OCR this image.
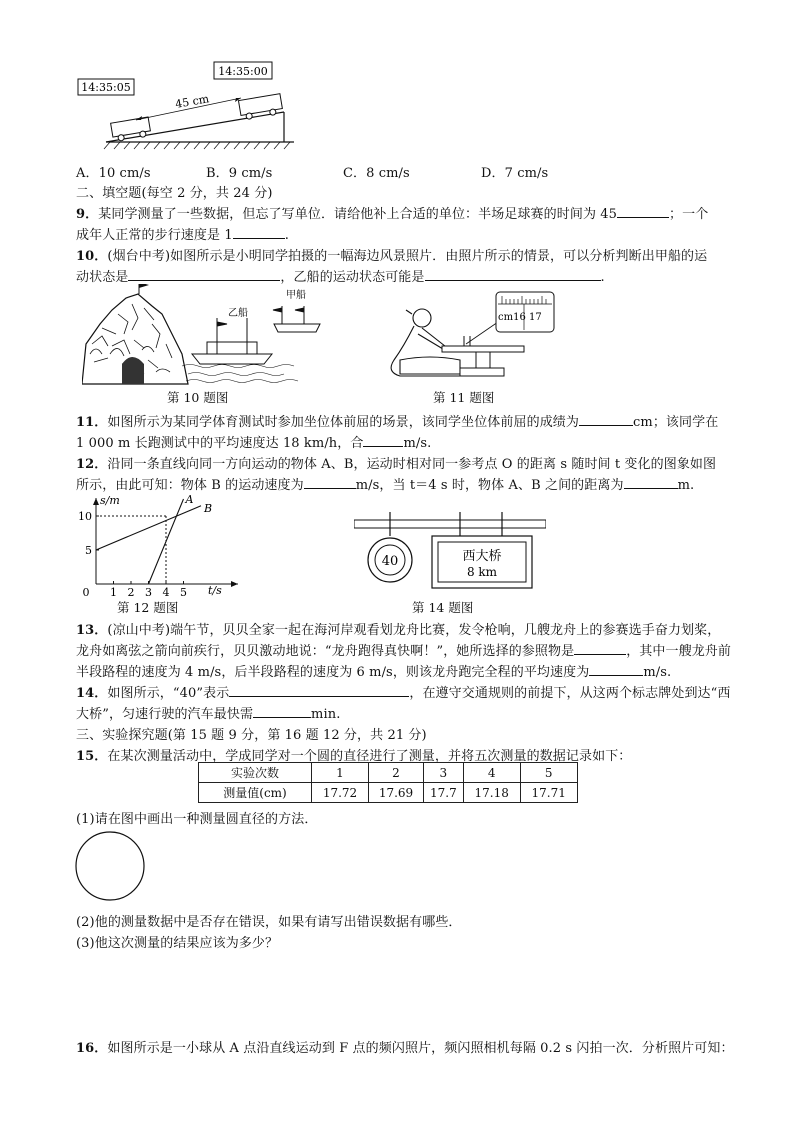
14:35:05
14:35:00
45 cm
A．10 cm/s	B．9 cm/s	C．8 cm/s	D．7 cm/s
二、填空题(每空 2 分，共 24 分)
9．某同学测量了一些数据，但忘了写单位．请给他补上合适的单位：半场足球赛的时间为 45	；一个
成年人正常的步行速度是 1	.
10．(烟台中考)如图所示是小明同学拍摄的一幅海边风景照片．由照片所示的情景，可以分析判断出甲船的运
动状态是	，乙船的运动状态可能是	.
乙船
甲船
第 10 题图
cm16 17
第 11 题图
11．如图所示为某同学体育测试时参加坐位体前屈的场景，该同学坐位体前屈的成绩为	cm；该同学在
1 000 m 长跑测试中的平均速度达 18 km/h，合	m/s.
12．沿同一条直线向同一方向运动的物体 A、B，运动时相对同一参考点 O 的距离 s 随时间 t 变化的图象如图
所示，由此可知：物体 B 的运动速度为	m/s，当 t＝4 s 时，物体 A、B 之间的距离为	m.
s/m
t/s
0 1 2 3 4 5
5
10
A
B
第 12 题图
40	西大桥
8 km
第 14 题图
13．(凉山中考)端午节，贝贝全家一起在海河岸观看划龙舟比赛，发令枪响，几艘龙舟上的参赛选手奋力划桨，
龙舟如离弦之箭向前疾行，贝贝激动地说：“龙舟跑得真快啊！”，她所选择的参照物是	，其中一艘龙舟前
半段路程的速度为 4 m/s，后半段路程的速度为 6 m/s，则该龙舟跑完全程的平均速度为	m/s.
14．如图所示，“40”表示	，在遵守交通规则的前提下，从这两个标志牌处到达“西
大桥”，匀速行驶的汽车最快需	min.
三、实验探究题(第 15 题 9 分，第 16 题 12 分，共 21 分)
15．在某次测量活动中，学成同学对一个圆的直径进行了测量，并将五次测量的数据记录如下：
实验次数	1	2	3	4	5
测量值(cm)	17.72	17.69	17.7	17.18	17.71
(1)请在图中画出一种测量圆直径的方法．
(2)他的测量数据中是否存在错误，如果有请写出错误数据有哪些．
(3)他这次测量的结果应该为多少？
16．如图所示是一小球从 A 点沿直线运动到 F 点的频闪照片，频闪照相机每隔 0.2 s 闪拍一次．分析照片可知：
